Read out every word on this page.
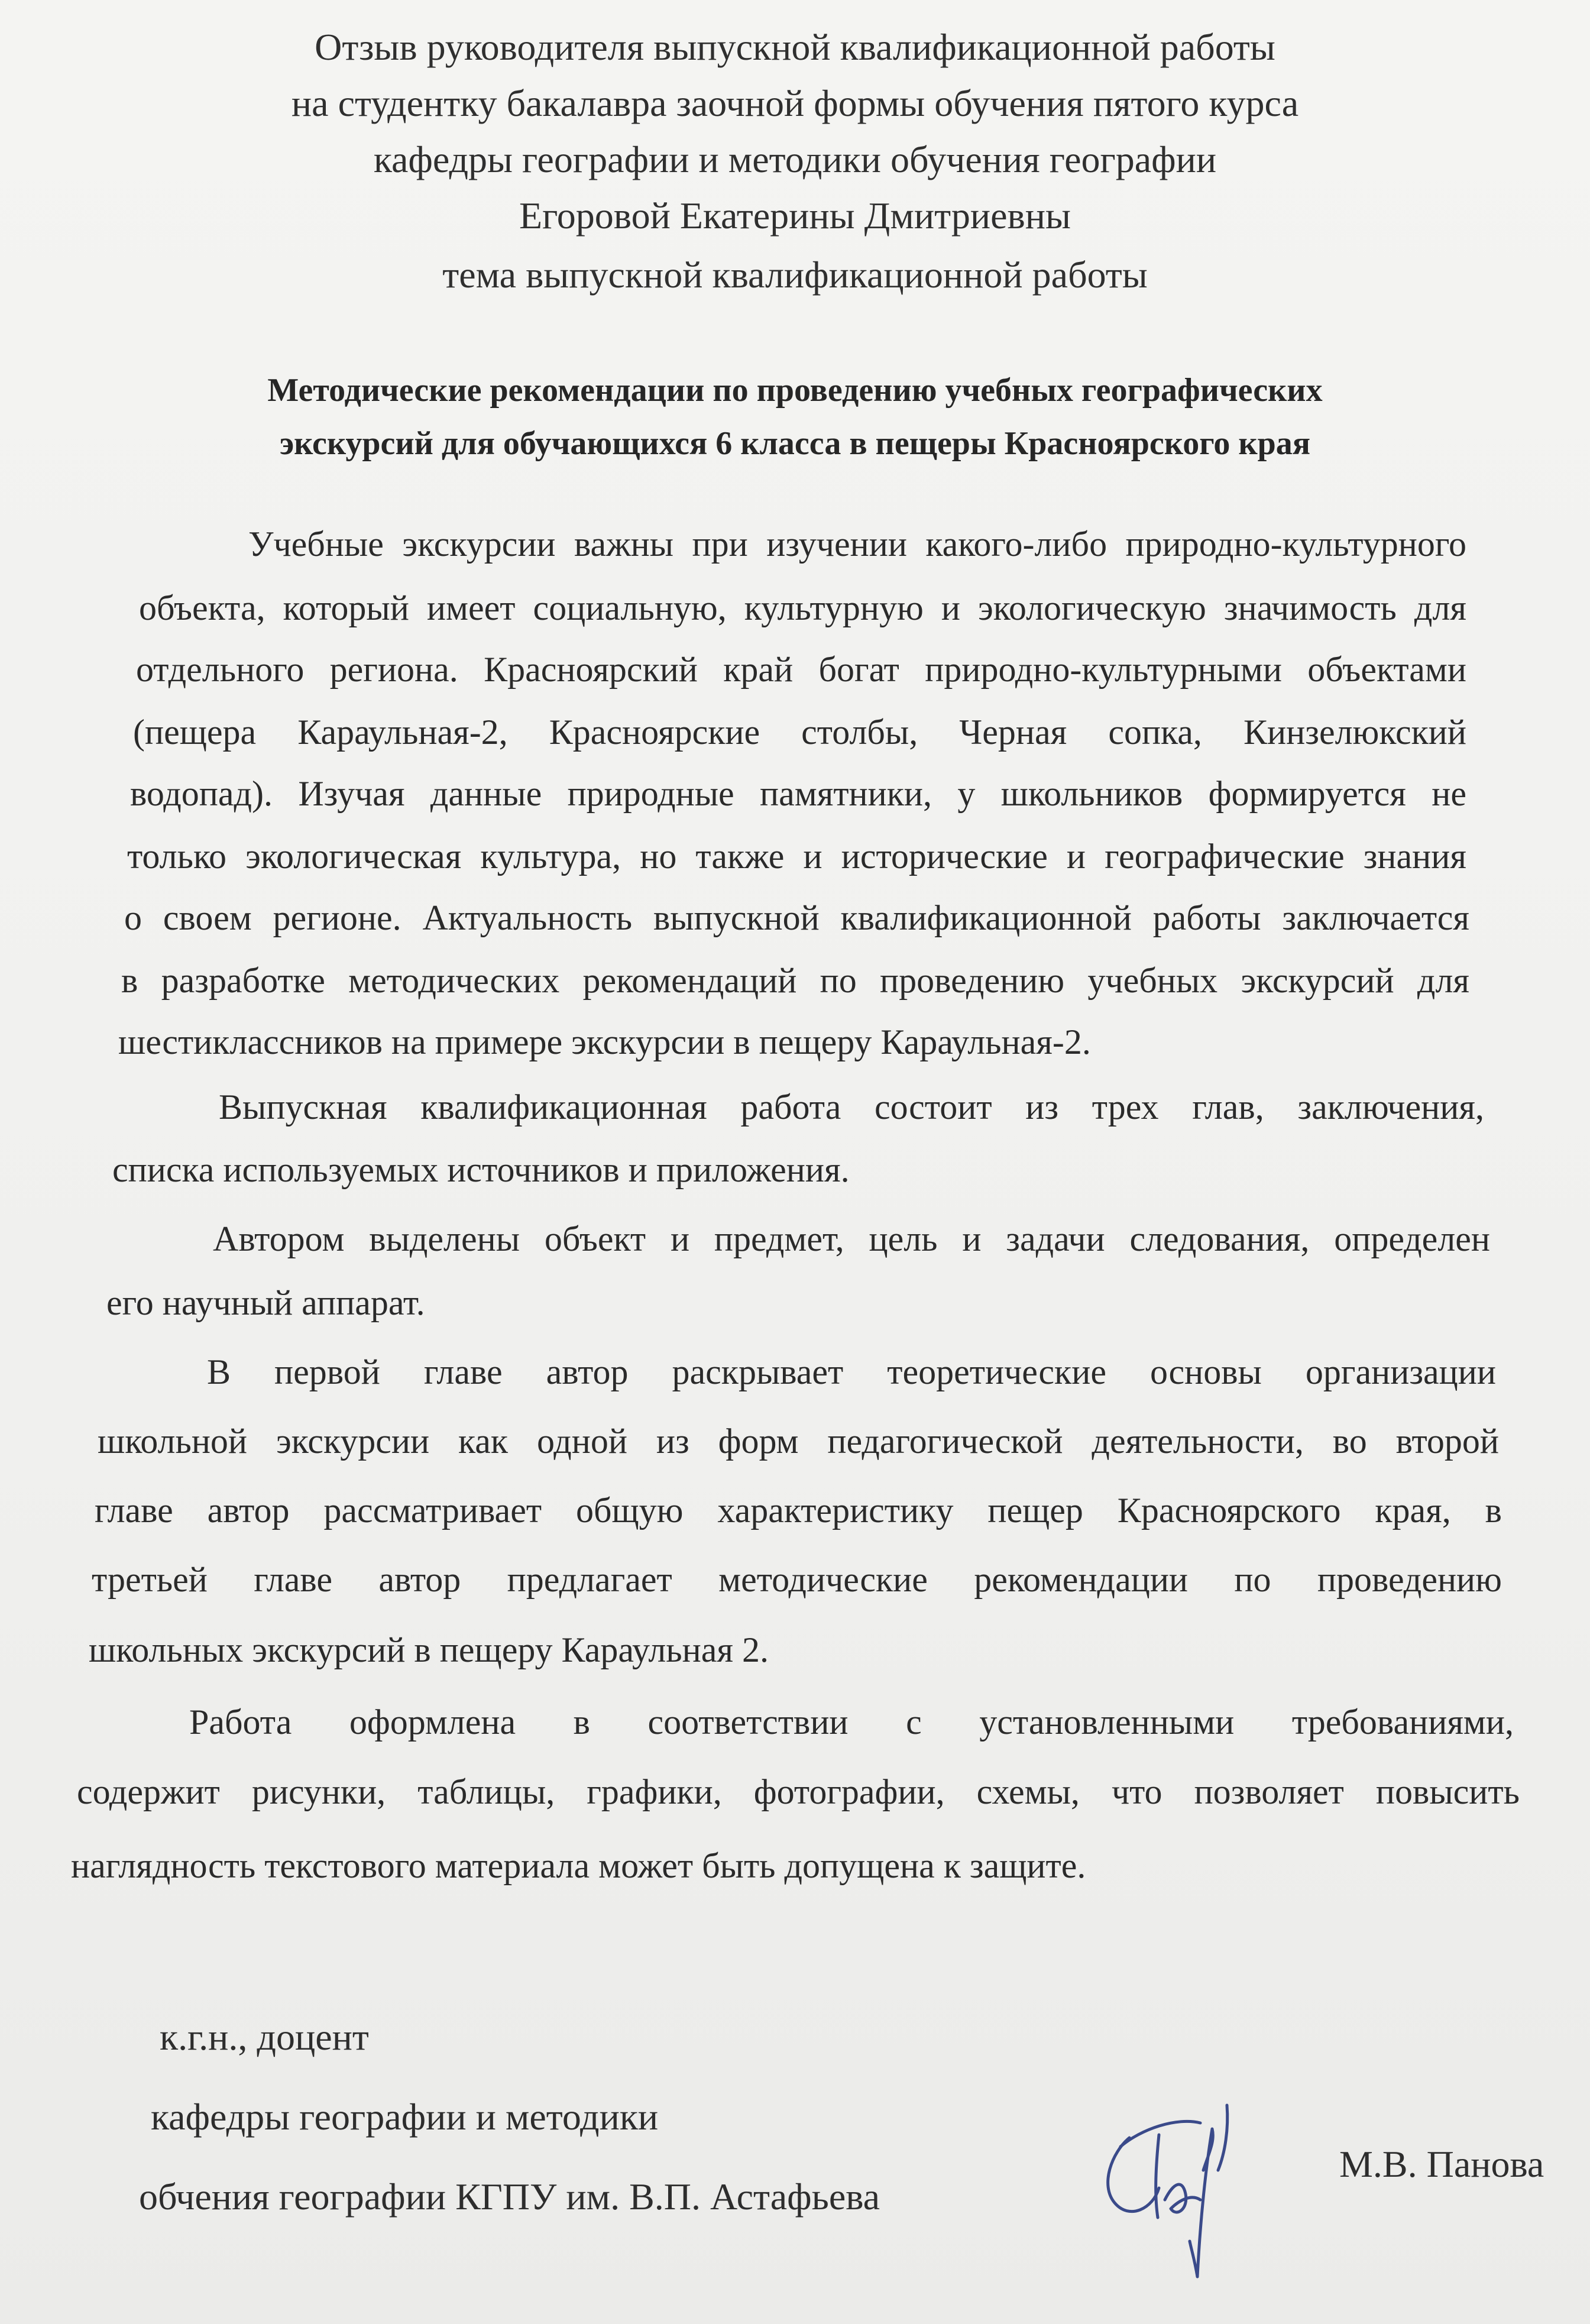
Отзыв руководителя выпускной квалификационной работы
на студентку бакалавра заочной формы обучения пятого курса
кафедры географии и методики обучения географии
Егоровой Екатерины Дмитриевны
тема выпускной квалификационной работы
Методические рекомендации по проведению учебных географических
экскурсий для обучающихся 6 класса в пещеры Красноярского края
Учебные экскурсии важны при изучении какого-либо природно-культурного
объекта, который имеет социальную, культурную и экологическую значимость для
отдельного региона. Красноярский край богат природно-культурными объектами
(пещера Караульная-2, Красноярские столбы, Черная сопка, Кинзелюкский
водопад). Изучая данные природные памятники, у школьников формируется не
только экологическая культура, но также и исторические и географические знания
о своем регионе. Актуальность выпускной квалификационной работы заключается
в разработке методических рекомендаций по проведению учебных экскурсий для
шестиклассников на примере экскурсии в пещеру Караульная-2.
Выпускная квалификационная работа состоит из трех глав, заключения,
списка используемых источников и приложения.
Автором выделены объект и предмет, цель и задачи следования, определен
его научный аппарат.
В первой главе автор раскрывает теоретические основы организации
школьной экскурсии как одной из форм педагогической деятельности, во второй
главе автор рассматривает общую характеристику пещер Красноярского края, в
третьей главе автор предлагает методические рекомендации по проведению
школьных экскурсий в пещеру Караульная 2.
Работа оформлена в соответствии с установленными требованиями,
содержит рисунки, таблицы, графики, фотографии, схемы, что позволяет повысить
наглядность текстового материала может быть допущена к защите.
к.г.н., доцент
кафедры географии и методики
обчения географии КГПУ им. В.П. Астафьева
М.В. Панова
